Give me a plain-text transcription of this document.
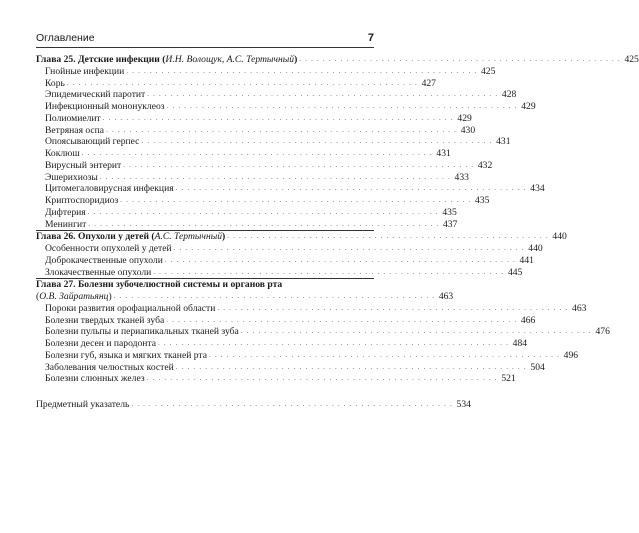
Оглавление	7
Глава 25. Детские инфекции (И.Н. Волощук, А.С. Тертычный) . . . . . . . . . . . . . . . . . . . . . . . . . . . . . . . . . . . . . . . . . . . . . . . . . . . . . . . 425
Гнойные инфекции . . . . . . . . . . . . . . . . . . . . . . . . . . . . . . . . . . . . . . . . . . . . . . . . . . . . . . . . . . . . 425
Корь . . . . . . . . . . . . . . . . . . . . . . . . . . . . . . . . . . . . . . . . . . . . . . . . . . . . . . . . . . . . 427
Эпидемический паротит . . . . . . . . . . . . . . . . . . . . . . . . . . . . . . . . . . . . . . . . . . . . . . . . . . . . . . . . . . . . 428
Инфекционный мононуклеоз . . . . . . . . . . . . . . . . . . . . . . . . . . . . . . . . . . . . . . . . . . . . . . . . . . . . . . . . . . . . 429
Полиомиелит . . . . . . . . . . . . . . . . . . . . . . . . . . . . . . . . . . . . . . . . . . . . . . . . . . . . . . . . . . . . 429
Ветряная оспа . . . . . . . . . . . . . . . . . . . . . . . . . . . . . . . . . . . . . . . . . . . . . . . . . . . . . . . . . . . . 430
Опоясывающий герпес . . . . . . . . . . . . . . . . . . . . . . . . . . . . . . . . . . . . . . . . . . . . . . . . . . . . . . . . . . . . 431
Коклюш . . . . . . . . . . . . . . . . . . . . . . . . . . . . . . . . . . . . . . . . . . . . . . . . . . . . . . . . . . . . 431
Вирусный энтерит . . . . . . . . . . . . . . . . . . . . . . . . . . . . . . . . . . . . . . . . . . . . . . . . . . . . . . . . . . . . 432
Эшерихиозы . . . . . . . . . . . . . . . . . . . . . . . . . . . . . . . . . . . . . . . . . . . . . . . . . . . . . . . . . . . . 433
Цитомегаловирусная инфекция . . . . . . . . . . . . . . . . . . . . . . . . . . . . . . . . . . . . . . . . . . . . . . . . . . . . . . . . . . . . 434
Криптоспоридиоз . . . . . . . . . . . . . . . . . . . . . . . . . . . . . . . . . . . . . . . . . . . . . . . . . . . . . . . . . . . . 435
Дифтерия . . . . . . . . . . . . . . . . . . . . . . . . . . . . . . . . . . . . . . . . . . . . . . . . . . . . . . . . . . . . 435
Менингит . . . . . . . . . . . . . . . . . . . . . . . . . . . . . . . . . . . . . . . . . . . . . . . . . . . . . . . . . . . . 437
Глава 26. Опухоли у детей (А.С. Тертычный) . . . . . . . . . . . . . . . . . . . . . . . . . . . . . . . . . . . . . . . . . . . . . . . . . . . . . . . 440
Особенности опухолей у детей . . . . . . . . . . . . . . . . . . . . . . . . . . . . . . . . . . . . . . . . . . . . . . . . . . . . . . . . . . . . 440
Доброкачественные опухоли . . . . . . . . . . . . . . . . . . . . . . . . . . . . . . . . . . . . . . . . . . . . . . . . . . . . . . . . . . . . 441
Злокачественные опухоли . . . . . . . . . . . . . . . . . . . . . . . . . . . . . . . . . . . . . . . . . . . . . . . . . . . . . . . . . . . . 445
Глава 27. Болезни зубочелюстной системы и органов рта
(О.В. Зайратьянц) . . . . . . . . . . . . . . . . . . . . . . . . . . . . . . . . . . . . . . . . . . . . . . . . . . . . . . . 463
Пороки развития орофациальной области . . . . . . . . . . . . . . . . . . . . . . . . . . . . . . . . . . . . . . . . . . . . . . . . . . . . . . . . . . . . 463
Болезни твердых тканей зуба . . . . . . . . . . . . . . . . . . . . . . . . . . . . . . . . . . . . . . . . . . . . . . . . . . . . . . . . . . . . 466
Болезни пульпы и периапикальных тканей зуба . . . . . . . . . . . . . . . . . . . . . . . . . . . . . . . . . . . . . . . . . . . . . . . . . . . . . . . . . . . . 476
Болезни десен и пародонта . . . . . . . . . . . . . . . . . . . . . . . . . . . . . . . . . . . . . . . . . . . . . . . . . . . . . . . . . . . . 484
Болезни губ, языка и мягких тканей рта . . . . . . . . . . . . . . . . . . . . . . . . . . . . . . . . . . . . . . . . . . . . . . . . . . . . . . . . . . . . 496
Заболевания челюстных костей . . . . . . . . . . . . . . . . . . . . . . . . . . . . . . . . . . . . . . . . . . . . . . . . . . . . . . . . . . . . 504
Болезни слюнных желез . . . . . . . . . . . . . . . . . . . . . . . . . . . . . . . . . . . . . . . . . . . . . . . . . . . . . . . . . . . . 521
Предметный указатель . . . . . . . . . . . . . . . . . . . . . . . . . . . . . . . . . . . . . . . . . . . . . . . . . . . . . . . 534
